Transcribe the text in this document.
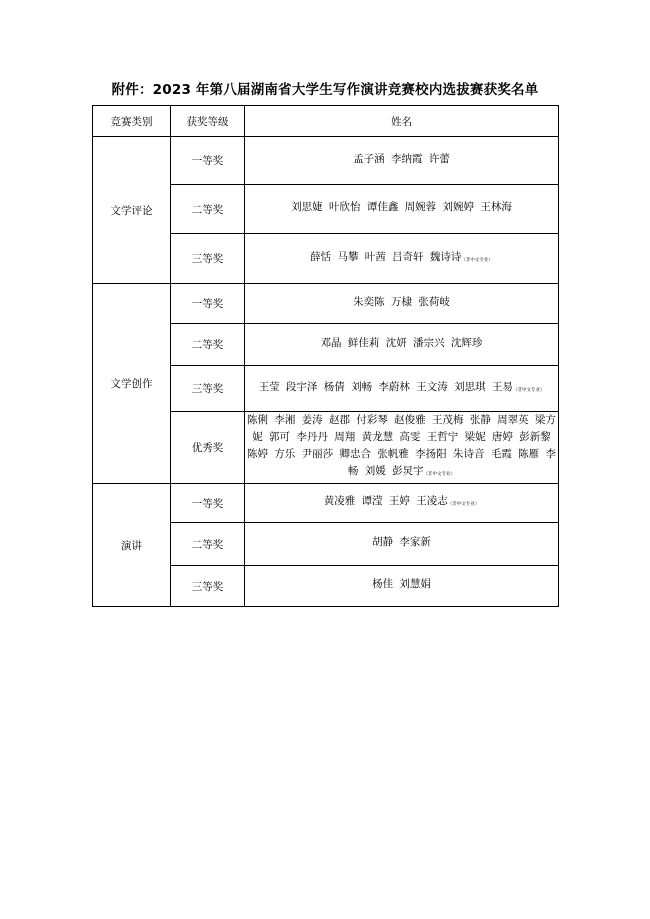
附件：2023 年第八届湖南省大学生写作演讲竞赛校内选拔赛获奖名单
竞赛类别	获奖等级	姓名
文学评论	一等奖	孟子涵 李纳霞 许蕾
	二等奖	刘思婕 叶欣怡 谭佳鑫 周婉蓉 刘婉婷 王林海
	三等奖	薛恬 马攀 叶茜 吕奇轩 魏诗诗（非中文专业）
文学创作	一等奖	朱奕陈 万棣 张荷岐
	二等奖	邓晶 鲜佳莉 沈妍 潘宗兴 沈辉珍
	三等奖	王莹 段宇泽 杨倩 刘畅 李蔚林 王文涛 刘思琪 王易（非中文专业）
	优秀奖	陈俐 李湘 姜涛 赵郡 付彩琴 赵俊雅 王茂梅 张静 周翠英 梁方妮 郭可 李丹丹 周翔 黄龙慧 高雯 王哲宁 梁妮 唐婷 彭新黎 陈婷 方乐 尹丽莎 卿忠合 张帆雅 李扬阳 朱诗音 毛霞 陈雁 李畅 刘媛 彭炅宇（非中文专业）
演讲	一等奖	黄凌雅 谭滢 王婷 王凌志（非中文专业）
	二等奖	胡静 李家新
	三等奖	杨佳 刘慧娟
